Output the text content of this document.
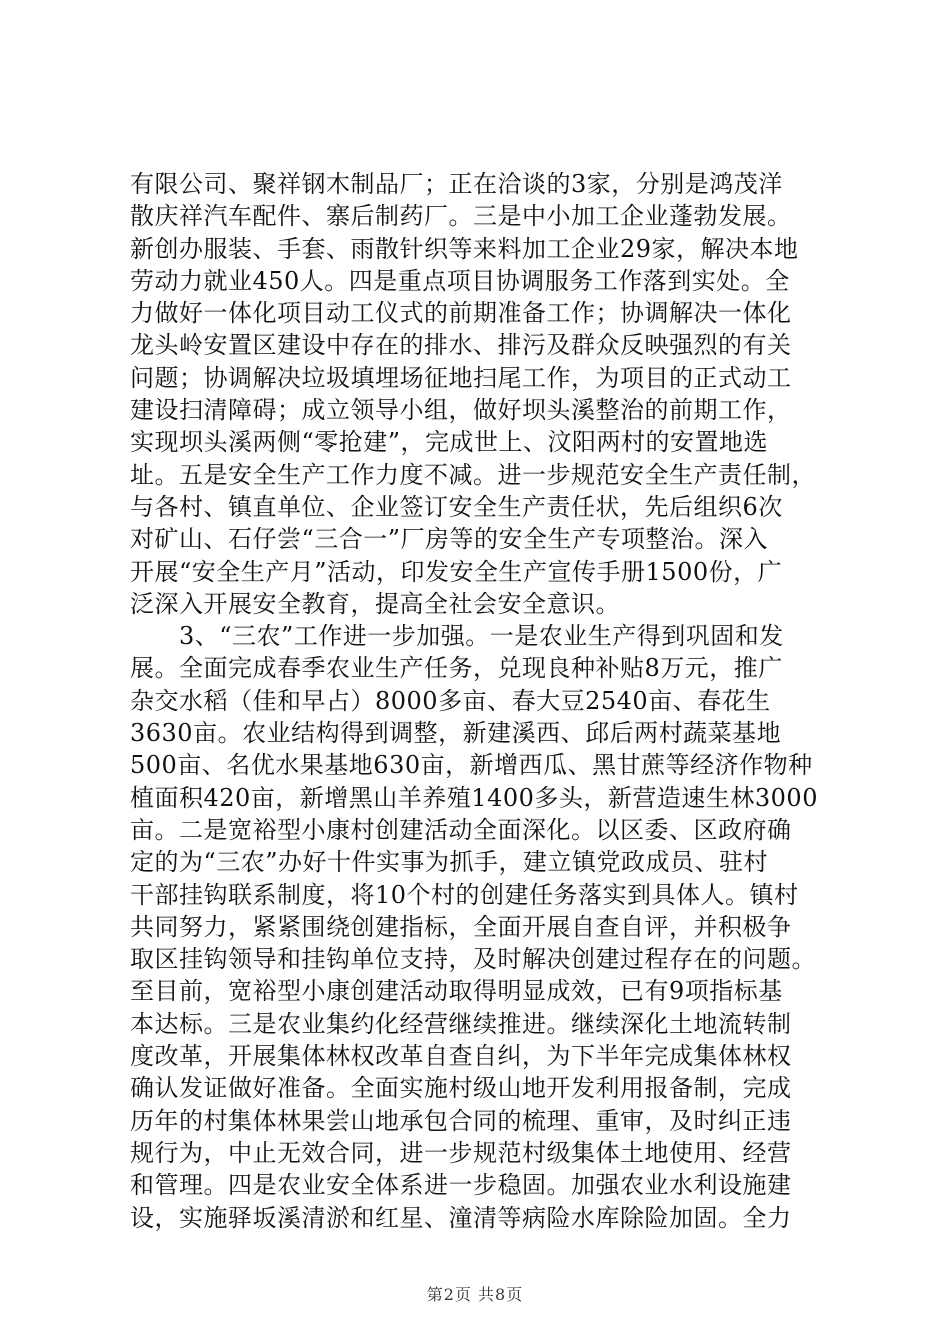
有限公司、聚祥钢木制品厂；正在洽谈的3家，分别是鸿茂洋
散庆祥汽车配件、寨后制药厂。三是中小加工企业蓬勃发展。
新创办服装、手套、雨散针织等来料加工企业29家，解决本地
劳动力就业450人。四是重点项目协调服务工作落到实处。全
力做好一体化项目动工仪式的前期准备工作；协调解决一体化
龙头岭安置区建设中存在的排水、排污及群众反映强烈的有关
问题；协调解决垃圾填埋场征地扫尾工作，为项目的正式动工
建设扫清障碍；成立领导小组，做好坝头溪整治的前期工作，
实现坝头溪两侧“零抢建”，完成世上、汶阳两村的安置地选
址。五是安全生产工作力度不减。进一步规范安全生产责任制，
与各村、镇直单位、企业签订安全生产责任状，先后组织6次
对矿山、石仔尝“三合一”厂房等的安全生产专项整治。深入
开展“安全生产月”活动，印发安全生产宣传手册1500份，广
泛深入开展安全教育，提高全社会安全意识。
　　3、“三农”工作进一步加强。一是农业生产得到巩固和发
展。全面完成春季农业生产任务，兑现良种补贴8万元，推广
杂交水稻（佳和早占）8000多亩、春大豆2540亩、春花生
3630亩。农业结构得到调整，新建溪西、邱后两村蔬菜基地
500亩、名优水果基地630亩，新增西瓜、黑甘蔗等经济作物种
植面积420亩，新增黑山羊养殖1400多头，新营造速生林3000
亩。二是宽裕型小康村创建活动全面深化。以区委、区政府确
定的为“三农”办好十件实事为抓手，建立镇党政成员、驻村
干部挂钩联系制度，将10个村的创建任务落实到具体人。镇村
共同努力，紧紧围绕创建指标，全面开展自查自评，并积极争
取区挂钩领导和挂钩单位支持，及时解决创建过程存在的问题。
至目前，宽裕型小康创建活动取得明显成效，已有9项指标基
本达标。三是农业集约化经营继续推进。继续深化土地流转制
度改革，开展集体林权改革自查自纠，为下半年完成集体林权
确认发证做好准备。全面实施村级山地开发利用报备制，完成
历年的村集体林果尝山地承包合同的梳理、重审，及时纠正违
规行为，中止无效合同，进一步规范村级集体土地使用、经营
和管理。四是农业安全体系进一步稳固。加强农业水利设施建
设，实施驿坂溪清淤和红星、潼清等病险水库除险加固。全力
第2页 共8页
